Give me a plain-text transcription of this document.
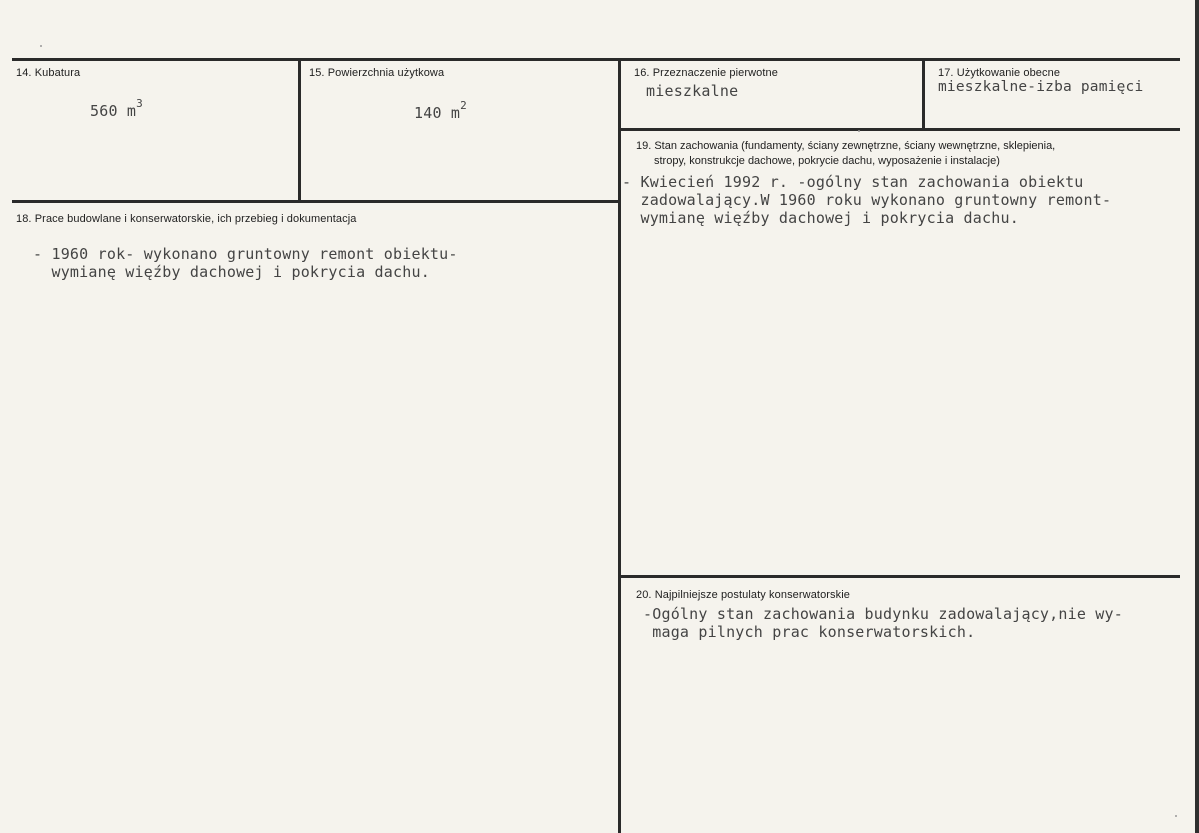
14. Kubatura
560 $m^3$
15. Powierzchnia użytkowa
140 $m^2$
16. Przeznaczenie pierwotne
mieszkalne
17. Użytkowanie obecne
mieszkalne-izba pamięci
18. Prace budowlane i konserwatorskie, ich przebieg i dokumentacja
- 1960 rok- wykonano gruntowny remont obiektu-
wymianę więźby dachowej i pokrycia dachu.
19. Stan zachowania (fundamenty, ściany zewnętrzne, ściany wewnętrzne, sklepienia,
stropy, konstrukcje dachowe, pokrycie dachu, wyposażenie i instalacje)
- Kwiecień 1992 r. -ogólny stan zachowania obiektu
zadowalający.W 1960 roku wykonano gruntowny remont-
wymianę więźby dachowej i pokrycia dachu.
20. Najpilniejsze postulaty konserwatorskie
-Ogólny stan zachowania budynku zadowalający,nie wy-
maga pilnych prac konserwatorskich.
